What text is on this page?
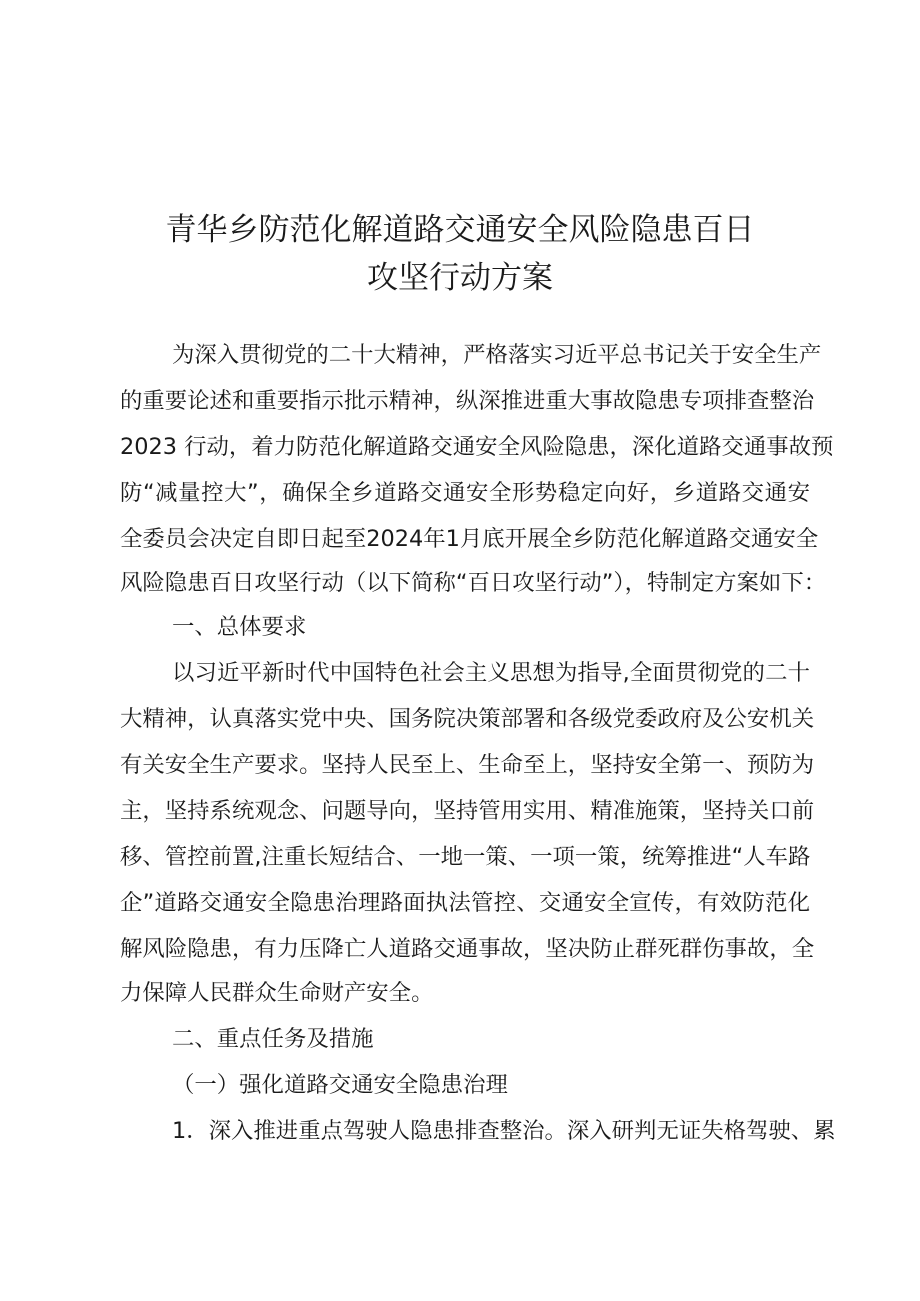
青华乡防范化解道路交通安全风险隐患百日
攻坚行动方案
为深入贯彻党的二十大精神，严格落实习近平总书记关于安全生产
的重要论述和重要指示批示精神，纵深推进重大事故隐患专项排查整治
2023 行动，着力防范化解道路交通安全风险隐患，深化道路交通事故预
防“减量控大”，确保全乡道路交通安全形势稳定向好，乡道路交通安
全委员会决定自即日起至2024年1月底开展全乡防范化解道路交通安全
风险隐患百日攻坚行动（以下简称“百日攻坚行动”），特制定方案如下：
一、总体要求
以习近平新时代中国特色社会主义思想为指导,全面贯彻党的二十
大精神，认真落实党中央、国务院决策部署和各级党委政府及公安机关
有关安全生产要求。坚持人民至上、生命至上，坚持安全第一、预防为
主，坚持系统观念、问题导向，坚持管用实用、精准施策，坚持关口前
移、管控前置,注重长短结合、一地一策、一项一策，统筹推进“人车路
企”道路交通安全隐患治理路面执法管控、交通安全宣传，有效防范化
解风险隐患，有力压降亡人道路交通事故，坚决防止群死群伤事故，全
力保障人民群众生命财产安全。
二、重点任务及措施
（一）强化道路交通安全隐患治理
1．深入推进重点驾驶人隐患排查整治。深入研判无证失格驾驶、累
